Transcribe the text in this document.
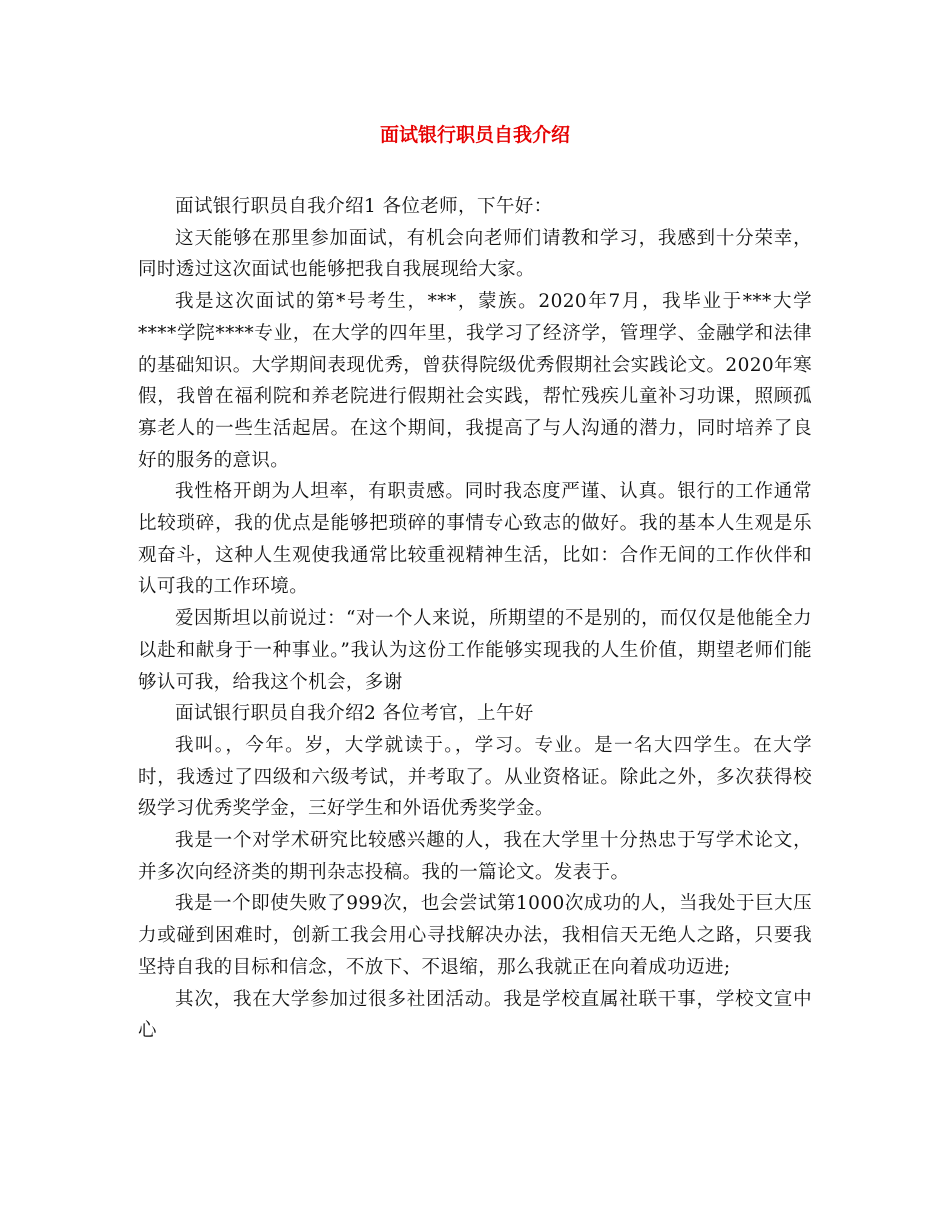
面试银行职员自我介绍

面试银行职员自我介绍1 各位老师，下午好：

这天能够在那里参加面试，有机会向老师们请教和学习，我感到十分荣幸，同时透过这次面试也能够把我自我展现给大家。

我是这次面试的第*号考生，***，蒙族。2020年7月，我毕业于***大学****学院****专业，在大学的四年里，我学习了经济学，管理学、金融学和法律的基础知识。大学期间表现优秀，曾获得院级优秀假期社会实践论文。2020年寒假，我曾在福利院和养老院进行假期社会实践，帮忙残疾儿童补习功课，照顾孤寡老人的一些生活起居。在这个期间，我提高了与人沟通的潜力，同时培养了良好的服务的意识。

我性格开朗为人坦率，有职责感。同时我态度严谨、认真。银行的工作通常比较琐碎，我的优点是能够把琐碎的事情专心致志的做好。我的基本人生观是乐观奋斗，这种人生观使我通常比较重视精神生活，比如：合作无间的工作伙伴和认可我的工作环境。

爱因斯坦以前说过：“对一个人来说，所期望的不是别的，而仅仅是他能全力以赴和献身于一种事业。”我认为这份工作能够实现我的人生价值，期望老师们能够认可我，给我这个机会，多谢

面试银行职员自我介绍2 各位考官，上午好

我叫。，今年。岁，大学就读于。，学习。专业。是一名大四学生。在大学时，我透过了四级和六级考试，并考取了。从业资格证。除此之外，多次获得校级学习优秀奖学金，三好学生和外语优秀奖学金。

我是一个对学术研究比较感兴趣的人，我在大学里十分热忠于写学术论文，并多次向经济类的期刊杂志投稿。我的一篇论文。发表于。

我是一个即使失败了999次，也会尝试第1000次成功的人，当我处于巨大压力或碰到困难时，创新工我会用心寻找解决办法，我相信天无绝人之路，只要我坚持自我的目标和信念，不放下、不退缩，那么我就正在向着成功迈进;

其次，我在大学参加过很多社团活动。我是学校直属社联干事，学校文宣中心
